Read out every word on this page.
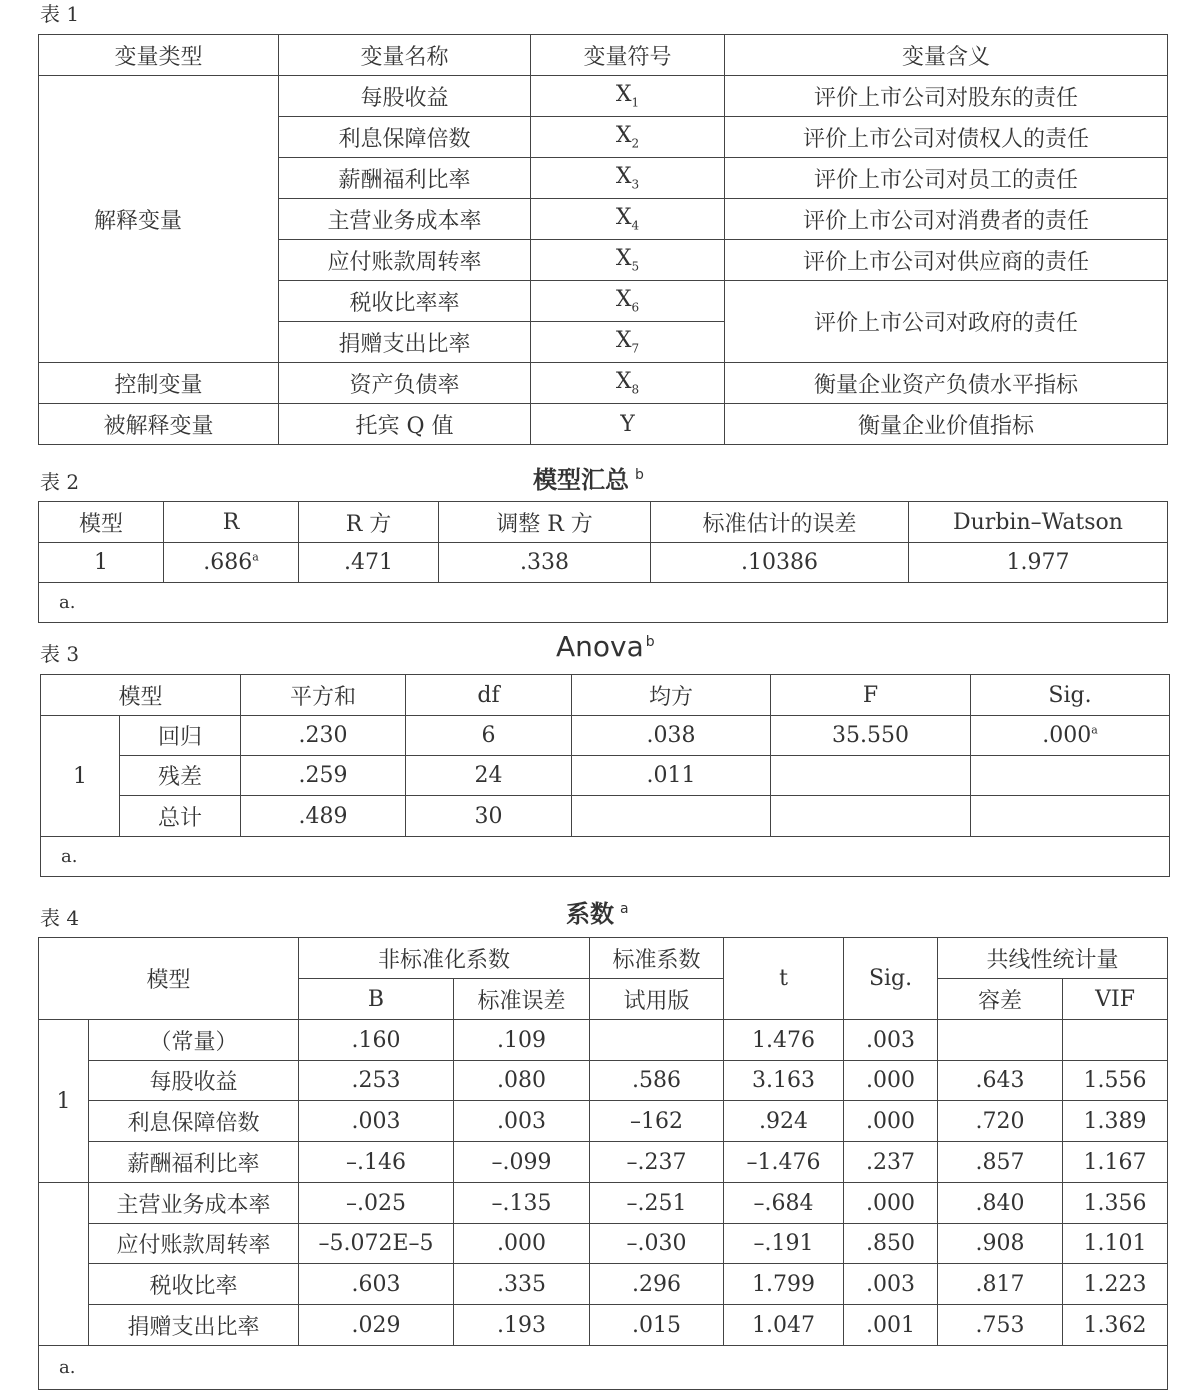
表 1
变量类型	变量名称	变量符号	变量含义
解释变量	每股收益	$X_1$	评价上市公司对股东的责任
	利息保障倍数	$X_2$	评价上市公司对债权人的责任
	薪酬福利比率	$X_3$	评价上市公司对员工的责任
	主营业务成本率	$X_4$	评价上市公司对消费者的责任
	应付账款周转率	$X_5$	评价上市公司对供应商的责任
	税收比率率	$X_6$	评价上市公司对政府的责任
	捐赠支出比率	$X_7$
控制变量	资产负债率	$X_8$	衡量企业资产负债水平指标
被解释变量	托宾 Q 值	Y	衡量企业价值指标
表 2	模型汇总 $^b$
模型	R	R 方	调整 R 方	标准估计的误差	Durbin–Watson
1	.686$^a$	.471	.338	.10386	1.977
a.					
表 3	Anova $^b$
模型		平方和	df	均方	F	Sig.
1	回归	.230	6	.038	35.550	.000$^a$
	残差	.259	24	.011		
	总计	.489	30			
a.						
表 4	系数 $^a$
模型		非标准化系数		标准系数	t	Sig.	共线性统计量	
		B	标准误差	试用版			容差	VIF
1	（常量）	.160	.109		1.476	.003		
	每股收益	.253	.080	.586	3.163	.000	.643	1.556
	利息保障倍数	.003	.003	–162	.924	.000	.720	1.389
	薪酬福利比率	–.146	–.099	–.237	–1.476	.237	.857	1.167
	主营业务成本率	–.025	–.135	–.251	–.684	.000	.840	1.356
	应付账款周转率	–5.072E–5	.000	–.030	–.191	.850	.908	1.101
	税收比率	.603	.335	.296	1.799	.003	.817	1.223
	捐赠支出比率	.029	.193	.015	1.047	.001	.753	1.362
a.								
